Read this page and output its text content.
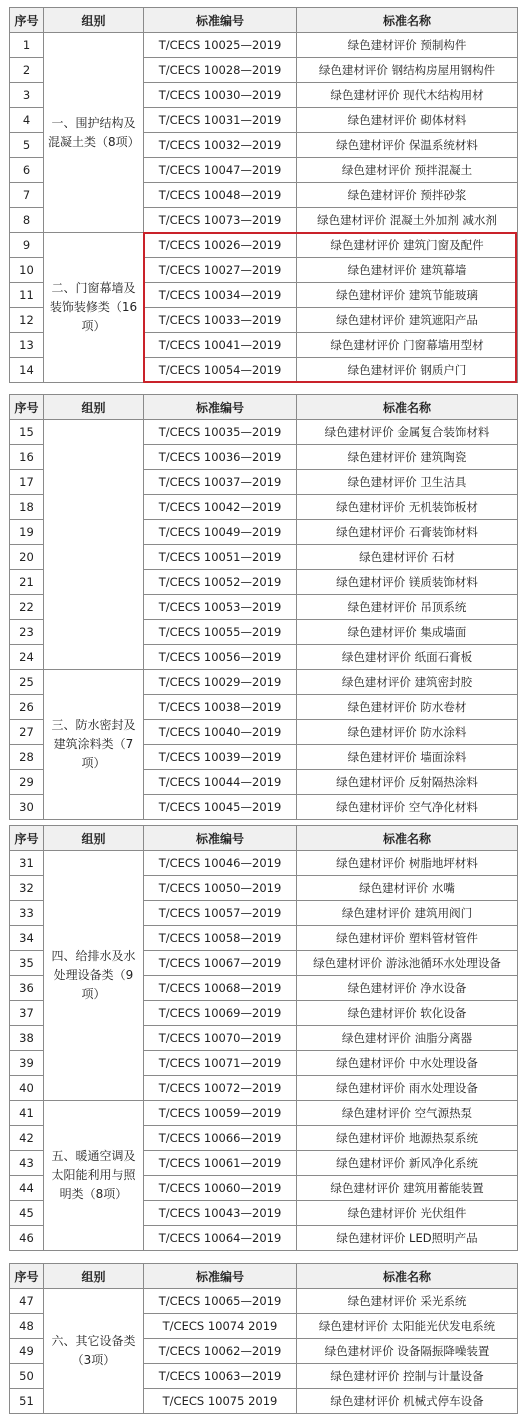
序号	组别	标准编号	标准名称
1	一、围护结构及混凝土类（8项）	T/CECS 10025—2019	绿色建材评价 预制构件
2		T/CECS 10028—2019	绿色建材评价 钢结构房屋用钢构件
3		T/CECS 10030—2019	绿色建材评价 现代木结构用材
4		T/CECS 10031—2019	绿色建材评价 砌体材料
5		T/CECS 10032—2019	绿色建材评价 保温系统材料
6		T/CECS 10047—2019	绿色建材评价 预拌混凝土
7		T/CECS 10048—2019	绿色建材评价 预拌砂浆
8		T/CECS 10073—2019	绿色建材评价 混凝土外加剂 减水剂
9	二、门窗幕墙及装饰装修类（16项）	T/CECS 10026—2019	绿色建材评价 建筑门窗及配件
10		T/CECS 10027—2019	绿色建材评价 建筑幕墙
11		T/CECS 10034—2019	绿色建材评价 建筑节能玻璃
12		T/CECS 10033—2019	绿色建材评价 建筑遮阳产品
13		T/CECS 10041—2019	绿色建材评价 门窗幕墙用型材
14		T/CECS 10054—2019	绿色建材评价 钢质户门
序号	组别	标准编号	标准名称
15		T/CECS 10035—2019	绿色建材评价 金属复合装饰材料
16		T/CECS 10036—2019	绿色建材评价 建筑陶瓷
17		T/CECS 10037—2019	绿色建材评价 卫生洁具
18		T/CECS 10042—2019	绿色建材评价 无机装饰板材
19		T/CECS 10049—2019	绿色建材评价 石膏装饰材料
20		T/CECS 10051—2019	绿色建材评价 石材
21		T/CECS 10052—2019	绿色建材评价 镁质装饰材料
22		T/CECS 10053—2019	绿色建材评价 吊顶系统
23		T/CECS 10055—2019	绿色建材评价 集成墙面
24		T/CECS 10056—2019	绿色建材评价 纸面石膏板
25	三、防水密封及建筑涂料类（7项）	T/CECS 10029—2019	绿色建材评价 建筑密封胶
26		T/CECS 10038—2019	绿色建材评价 防水卷材
27		T/CECS 10040—2019	绿色建材评价 防水涂料
28		T/CECS 10039—2019	绿色建材评价 墙面涂料
29		T/CECS 10044—2019	绿色建材评价 反射隔热涂料
30		T/CECS 10045—2019	绿色建材评价 空气净化材料
序号	组别	标准编号	标准名称
31	四、给排水及水处理设备类（9项）	T/CECS 10046—2019	绿色建材评价 树脂地坪材料
32		T/CECS 10050—2019	绿色建材评价 水嘴
33		T/CECS 10057—2019	绿色建材评价 建筑用阀门
34		T/CECS 10058—2019	绿色建材评价 塑料管材管件
35		T/CECS 10067—2019	绿色建材评价 游泳池循环水处理设备
36		T/CECS 10068—2019	绿色建材评价 净水设备
37		T/CECS 10069—2019	绿色建材评价 软化设备
38		T/CECS 10070—2019	绿色建材评价 油脂分离器
39		T/CECS 10071—2019	绿色建材评价 中水处理设备
40		T/CECS 10072—2019	绿色建材评价 雨水处理设备
41	五、暖通空调及太阳能利用与照明类（8项）	T/CECS 10059—2019	绿色建材评价 空气源热泵
42		T/CECS 10066—2019	绿色建材评价 地源热泵系统
43		T/CECS 10061—2019	绿色建材评价 新风净化系统
44		T/CECS 10060—2019	绿色建材评价 建筑用蓄能装置
45		T/CECS 10043—2019	绿色建材评价 光伏组件
46		T/CECS 10064—2019	绿色建材评价 LED照明产品
序号	组别	标准编号	标准名称
47	六、其它设备类（3项）	T/CECS 10065—2019	绿色建材评价 采光系统
48		T/CECS 10074 2019	绿色建材评价 太阳能光伏发电系统
49		T/CECS 10062—2019	绿色建材评价 设备隔振降噪装置
50		T/CECS 10063—2019	绿色建材评价 控制与计量设备
51		T/CECS 10075 2019	绿色建材评价 机械式停车设备
